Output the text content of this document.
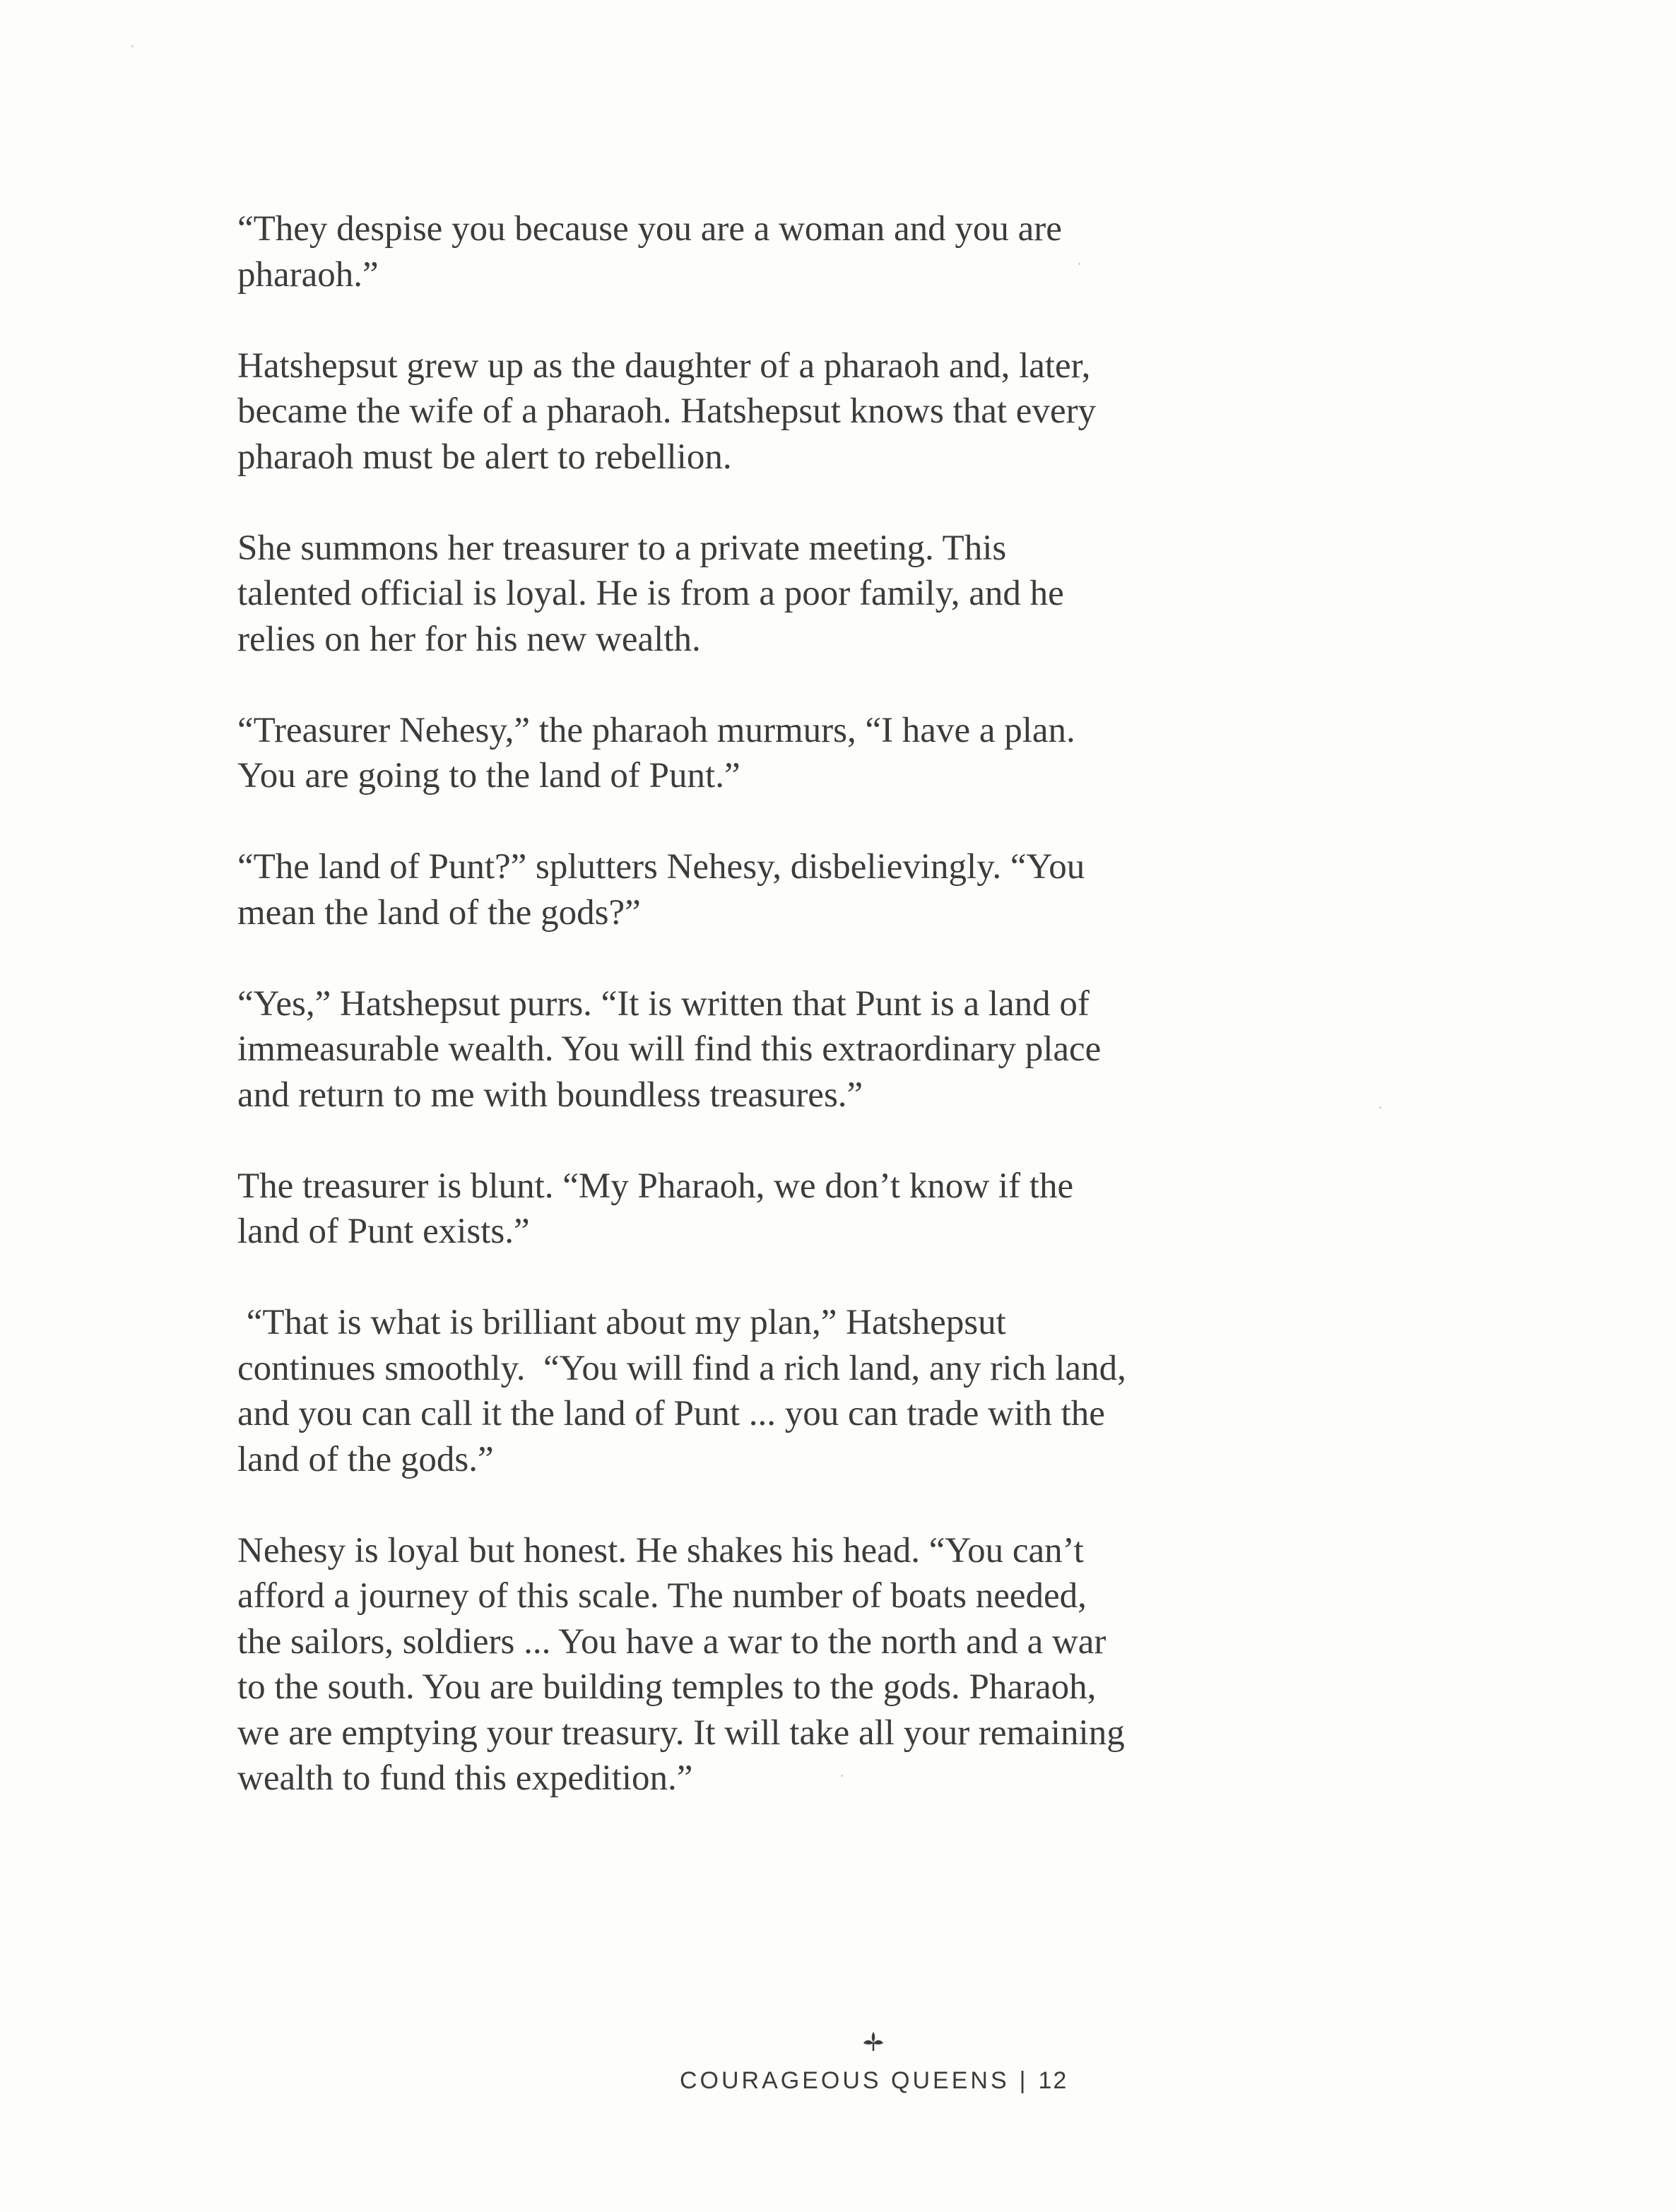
“They despise you because you are a woman and you are
pharaoh.”

Hatshepsut grew up as the daughter of a pharaoh and, later,
became the wife of a pharaoh. Hatshepsut knows that every
pharaoh must be alert to rebellion.

She summons her treasurer to a private meeting. This
talented official is loyal. He is from a poor family, and he
relies on her for his new wealth.

“Treasurer Nehesy,” the pharaoh murmurs, “I have a plan.
You are going to the land of Punt.”

“The land of Punt?” splutters Nehesy, disbelievingly. “You
mean the land of the gods?”

“Yes,” Hatshepsut purrs. “It is written that Punt is a land of
immeasurable wealth. You will find this extraordinary place
and return to me with boundless treasures.”

The treasurer is blunt. “My Pharaoh, we don’t know if the
land of Punt exists.”

“That is what is brilliant about my plan,” Hatshepsut
continues smoothly.  “You will find a rich land, any rich land,
and you can call it the land of Punt ... you can trade with the
land of the gods.”

Nehesy is loyal but honest. He shakes his head. “You can’t
afford a journey of this scale. The number of boats needed,
the sailors, soldiers ... You have a war to the north and a war
to the south. You are building temples to the gods. Pharaoh,
we are emptying your treasury. It will take all your remaining
wealth to fund this expedition.”

COURAGEOUS QUEENS | 12
